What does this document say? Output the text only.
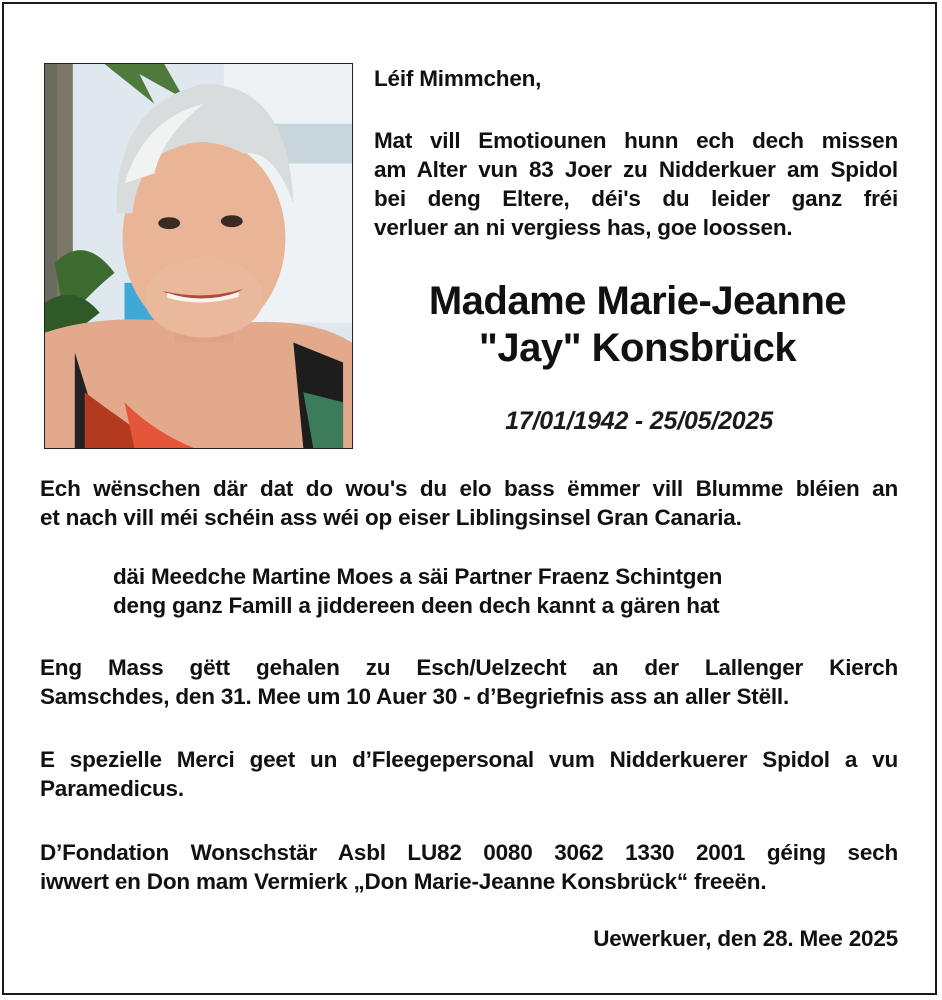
Léif Mimmchen,
Mat vill Emotiounen hunn ech dech missen
am Alter vun 83 Joer zu Nidderkuer am Spidol
bei deng Eltere, déi's du leider ganz fréi
verluer an ni vergiess has, goe loossen.
Madame Marie-Jeanne
"Jay" Konsbrück
17/01/1942 - 25/05/2025
Ech wënschen där dat do wou's du elo bass ëmmer vill Blumme bléien an
et nach vill méi schéin ass wéi op eiser Liblingsinsel Gran Canaria.
däi Meedche Martine Moes a säi Partner Fraenz Schintgen
deng ganz Famill a jiddereen deen dech kannt a gären hat
Eng Mass gëtt gehalen zu Esch/Uelzecht an der Lallenger Kierch
Samschdes, den 31. Mee um 10 Auer 30 - d’Begriefnis ass an aller Stëll.
E spezielle Merci geet un d’Fleegepersonal vum Nidderkuerer Spidol a vu
Paramedicus.
D’Fondation Wonschstär Asbl LU82 0080 3062 1330 2001 géing sech
iwwert en Don mam Vermierk „Don Marie-Jeanne Konsbrück“ freeën.
Uewerkuer, den 28. Mee 2025
